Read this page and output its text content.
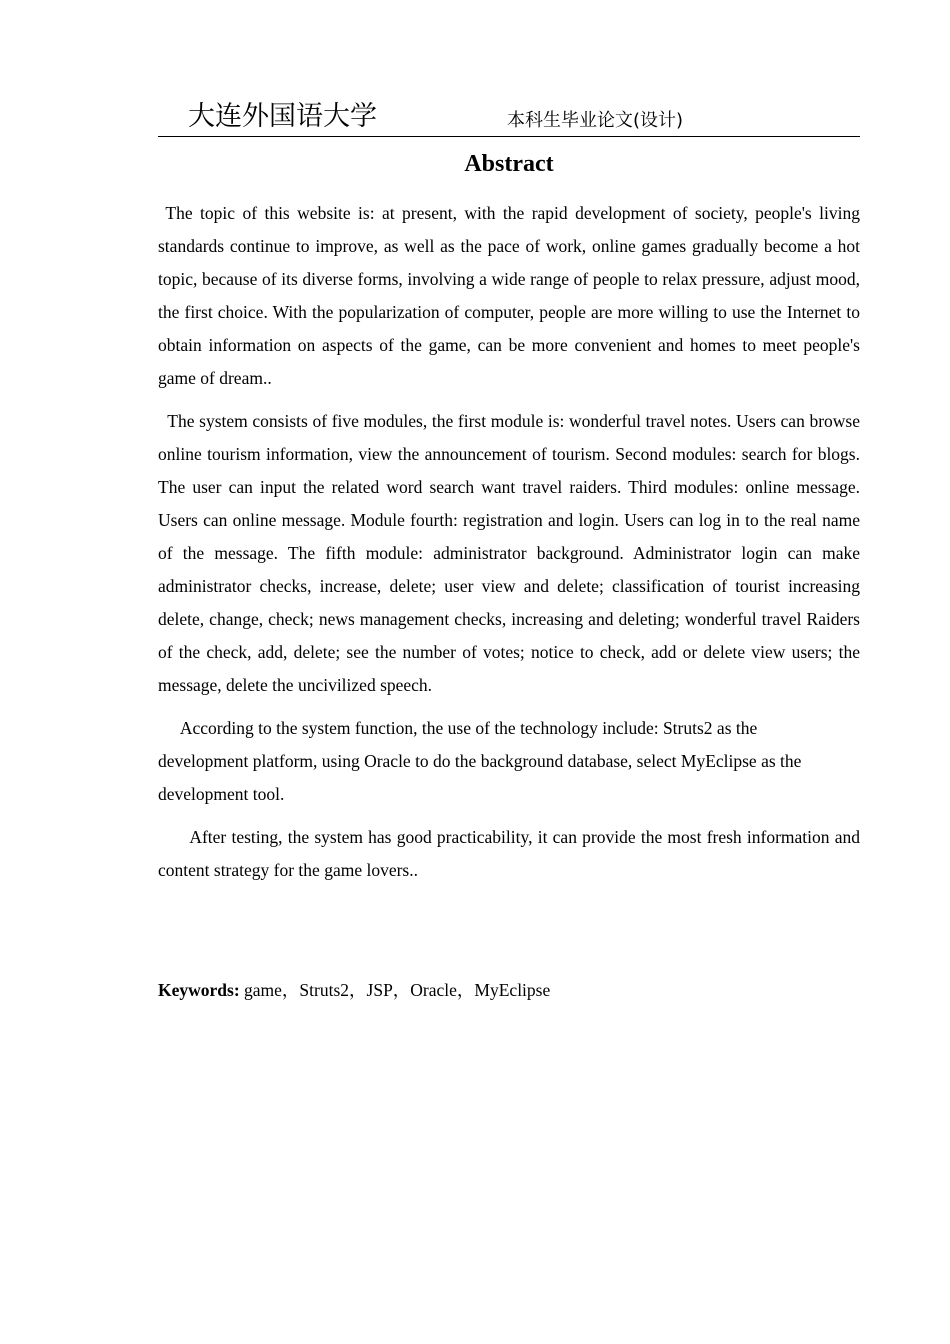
大连外国语大学	本科生毕业论文(设计)
Abstract

The topic of this website is: at present, with the rapid development of society, people's living standards continue to improve, as well as the pace of work, online games gradually become a hot topic, because of its diverse forms, involving a wide range of people to relax pressure, adjust mood, the first choice. With the popularization of computer, people are more willing to use the Internet to obtain information on aspects of the game, can be more convenient and homes to meet people's game of dream..

The system consists of five modules, the first module is: wonderful travel notes. Users can browse online tourism information, view the announcement of tourism. Second modules: search for blogs. The user can input the related word search want travel raiders. Third modules: online message. Users can online message. Module fourth: registration and login. Users can log in to the real name of the message. The fifth module: administrator background. Administrator login can make administrator checks, increase, delete; user view and delete; classification of tourist increasing delete, change, check; news management checks, increasing and deleting; wonderful travel Raiders of the check, add, delete; see the number of votes; notice to check, add or delete view users; the message, delete the uncivilized speech.

According to the system function, the use of the technology include: Struts2 as the development platform, using Oracle to do the background database, select MyEclipse as the development tool.

After testing, the system has good practicability, it can provide the most fresh information and content strategy for the game lovers..

Keywords: game，Struts2，JSP，Oracle，MyEclipse
